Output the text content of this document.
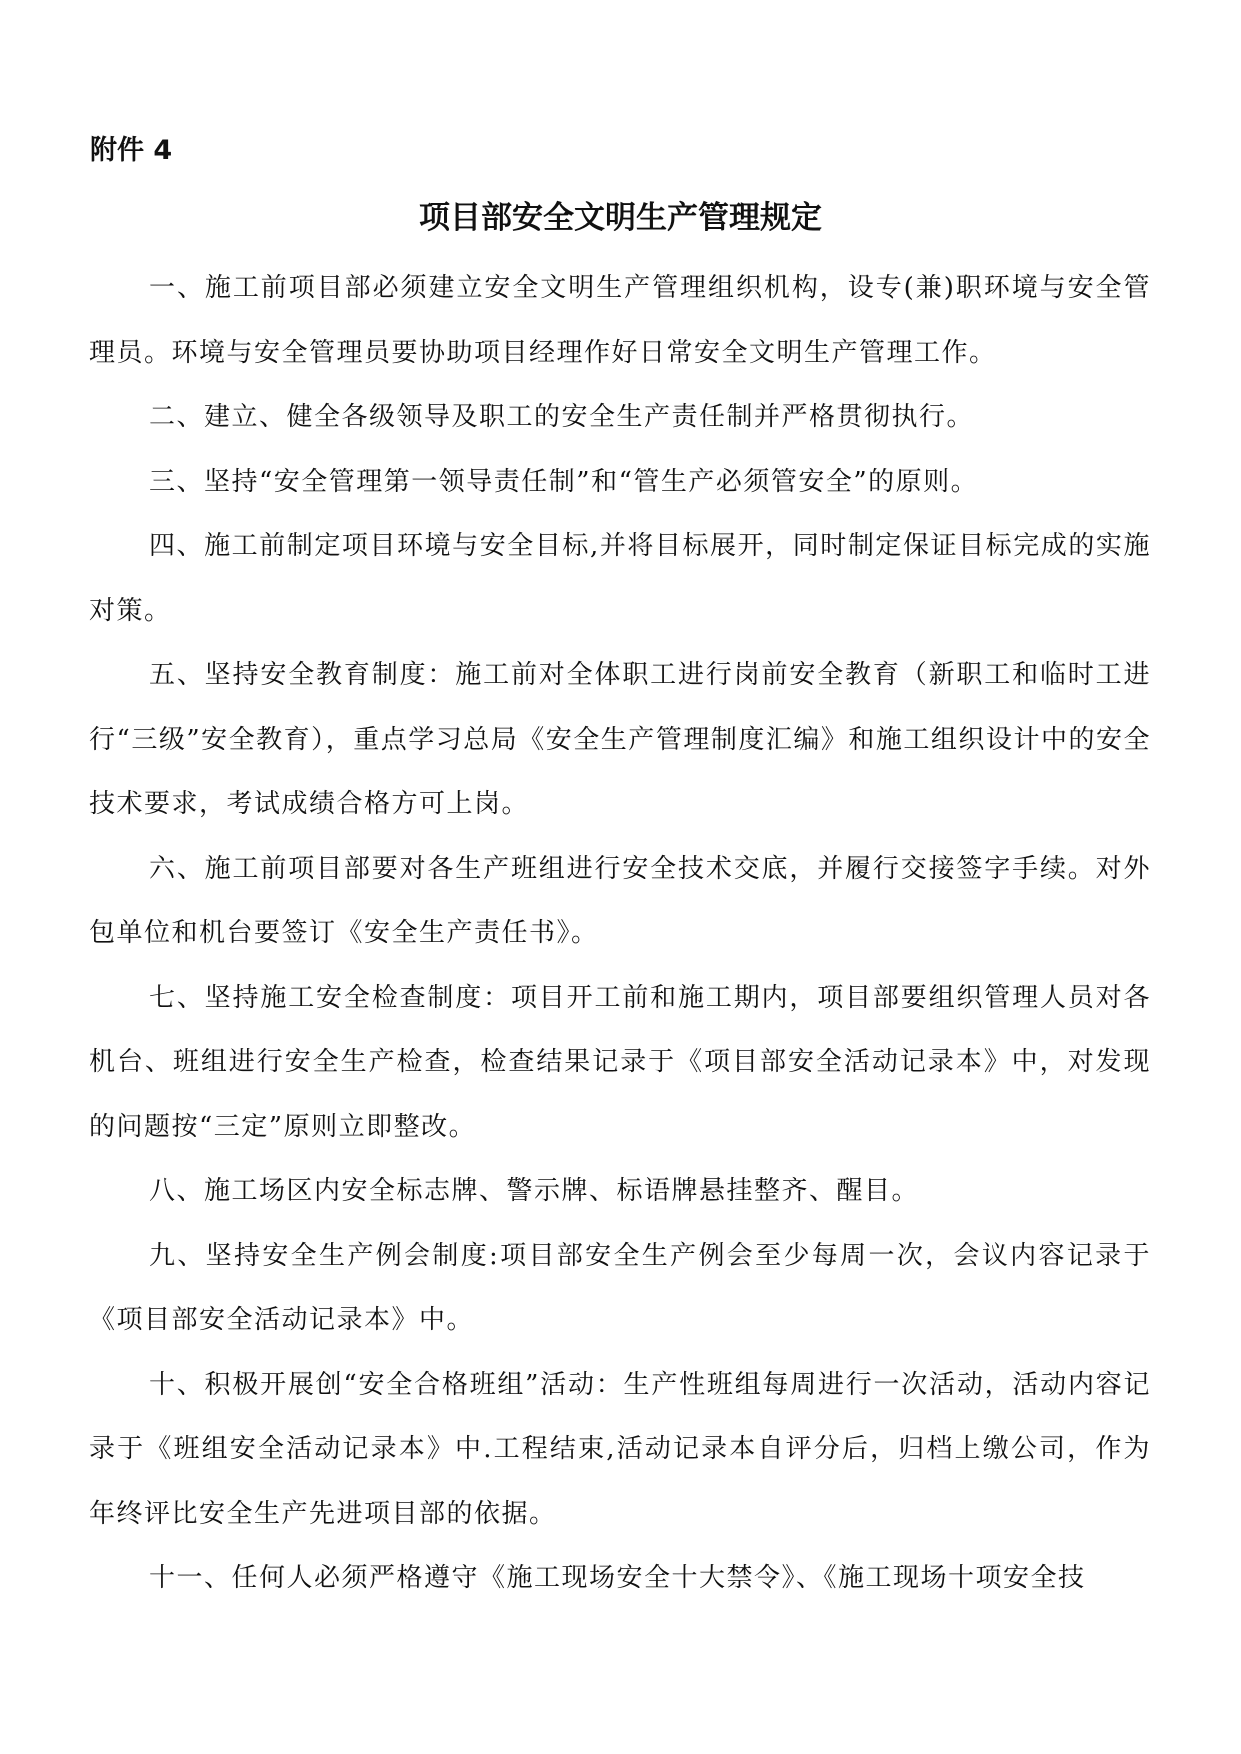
附件 4
项目部安全文明生产管理规定

一、施工前项目部必须建立安全文明生产管理组织机构，设专(兼)职环境与安全管理员。环境与安全管理员要协助项目经理作好日常安全文明生产管理工作。

二、建立、健全各级领导及职工的安全生产责任制并严格贯彻执行。

三、坚持“安全管理第一领导责任制”和“管生产必须管安全”的原则。

四、施工前制定项目环境与安全目标,并将目标展开，同时制定保证目标完成的实施对策。

五、坚持安全教育制度：施工前对全体职工进行岗前安全教育（新职工和临时工进行“三级”安全教育），重点学习总局《安全生产管理制度汇编》和施工组织设计中的安全技术要求，考试成绩合格方可上岗。

六、施工前项目部要对各生产班组进行安全技术交底，并履行交接签字手续。对外包单位和机台要签订《安全生产责任书》。

七、坚持施工安全检查制度：项目开工前和施工期内，项目部要组织管理人员对各机台、班组进行安全生产检查，检查结果记录于《项目部安全活动记录本》中，对发现的问题按“三定”原则立即整改。

八、施工场区内安全标志牌、警示牌、标语牌悬挂整齐、醒目。

九、坚持安全生产例会制度:项目部安全生产例会至少每周一次，会议内容记录于《项目部安全活动记录本》中。

十、积极开展创“安全合格班组”活动：生产性班组每周进行一次活动，活动内容记录于《班组安全活动记录本》中.工程结束,活动记录本自评分后，归档上缴公司，作为年终评比安全生产先进项目部的依据。

十一、任何人必须严格遵守《施工现场安全十大禁令》、《施工现场十项安全技
